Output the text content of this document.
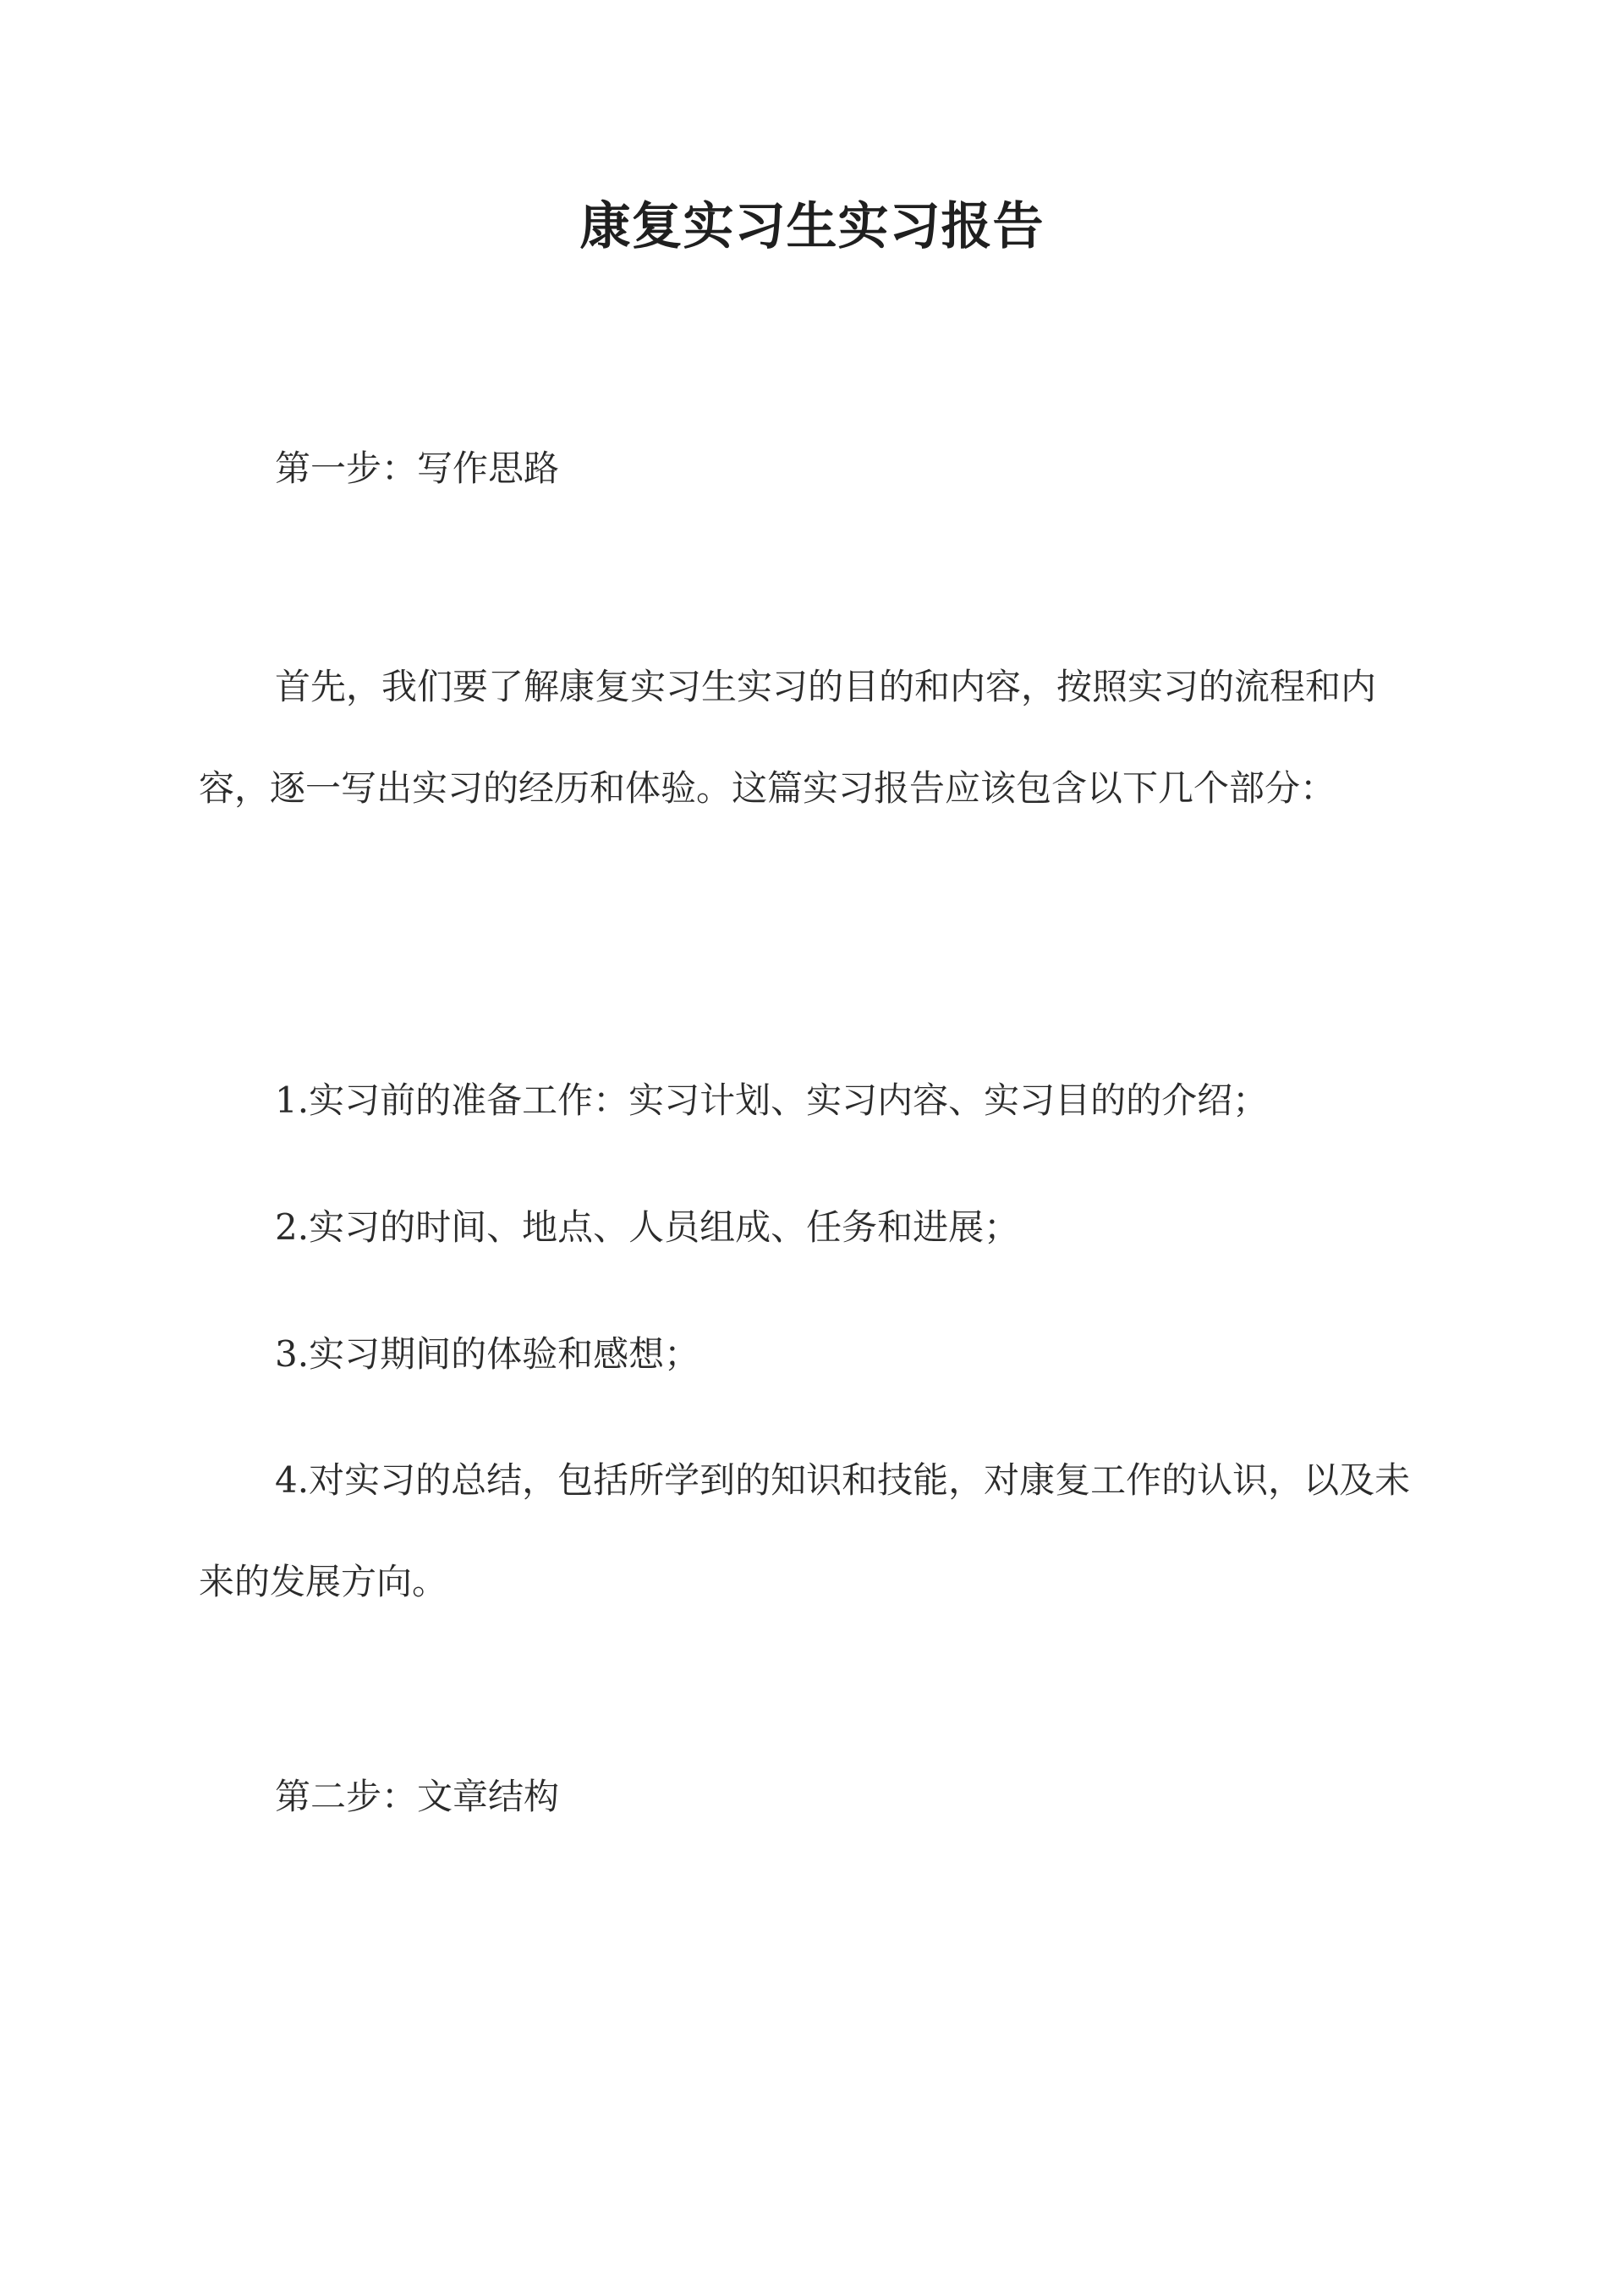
康复实习生实习报告
第一步：写作思路
首先，我们要了解康复实习生实习的目的和内容，按照实习的流程和内容，逐一写出实习的经历和体验。这篇实习报告应该包含以下几个部分：
1.实习前的准备工作：实习计划、实习内容、实习目的的介绍；
2.实习的时间、地点、人员组成、任务和进展；
3.实习期间的体验和感想；
4.对实习的总结，包括所学到的知识和技能，对康复工作的认识，以及未来的发展方向。
第二步：文章结构
